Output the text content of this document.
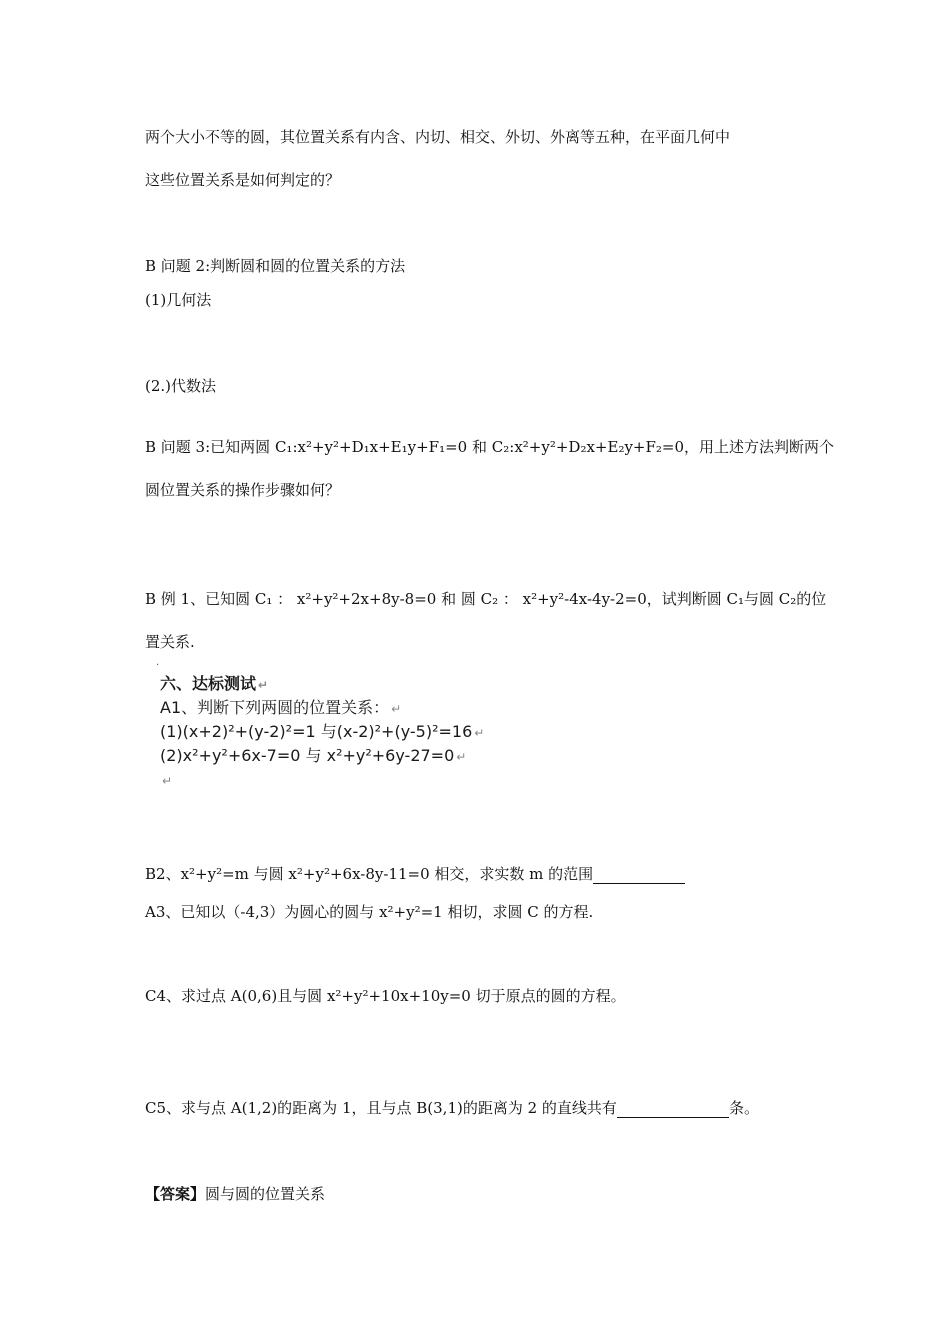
两个大小不等的圆，其位置关系有内含、内切、相交、外切、外离等五种，在平面几何中
这些位置关系是如何判定的？
B 问题 2:判断圆和圆的位置关系的方法
(1)几何法
(2.)代数法
B 问题 3:已知两圆 C₁:x²+y²+D₁x+E₁y+F₁=0 和 C₂:x²+y²+D₂x+E₂y+F₂=0，用上述方法判断两个
圆位置关系的操作步骤如何？
B 例 1、已知圆 C₁ ： x²+y²+2x+8y-8=0 和 圆 C₂ ： x²+y²-4x-4y-2=0，试判断圆 C₁与圆 C₂的位
置关系.
·
六、达标测试 ↵
A1、判断下列两圆的位置关系： ↵
(1)(x+2)²+(y-2)²=1 与(x-2)²+(y-5)²=16 ↵
(2)x²+y²+6x-7=0 与 x²+y²+6y-27=0 ↵
↵
B2、x²+y²=m 与圆 x²+y²+6x-8y-11=0 相交，求实数 m 的范围
A3、已知以（-4,3）为圆心的圆与 x²+y²=1 相切，求圆 C 的方程.
C4、求过点 A(0,6)且与圆 x²+y²+10x+10y=0 切于原点的圆的方程。
C5、求与点 A(1,2)的距离为 1，且与点 B(3,1)的距离为 2 的直线共有	条。
【答案】圆与圆的位置关系
